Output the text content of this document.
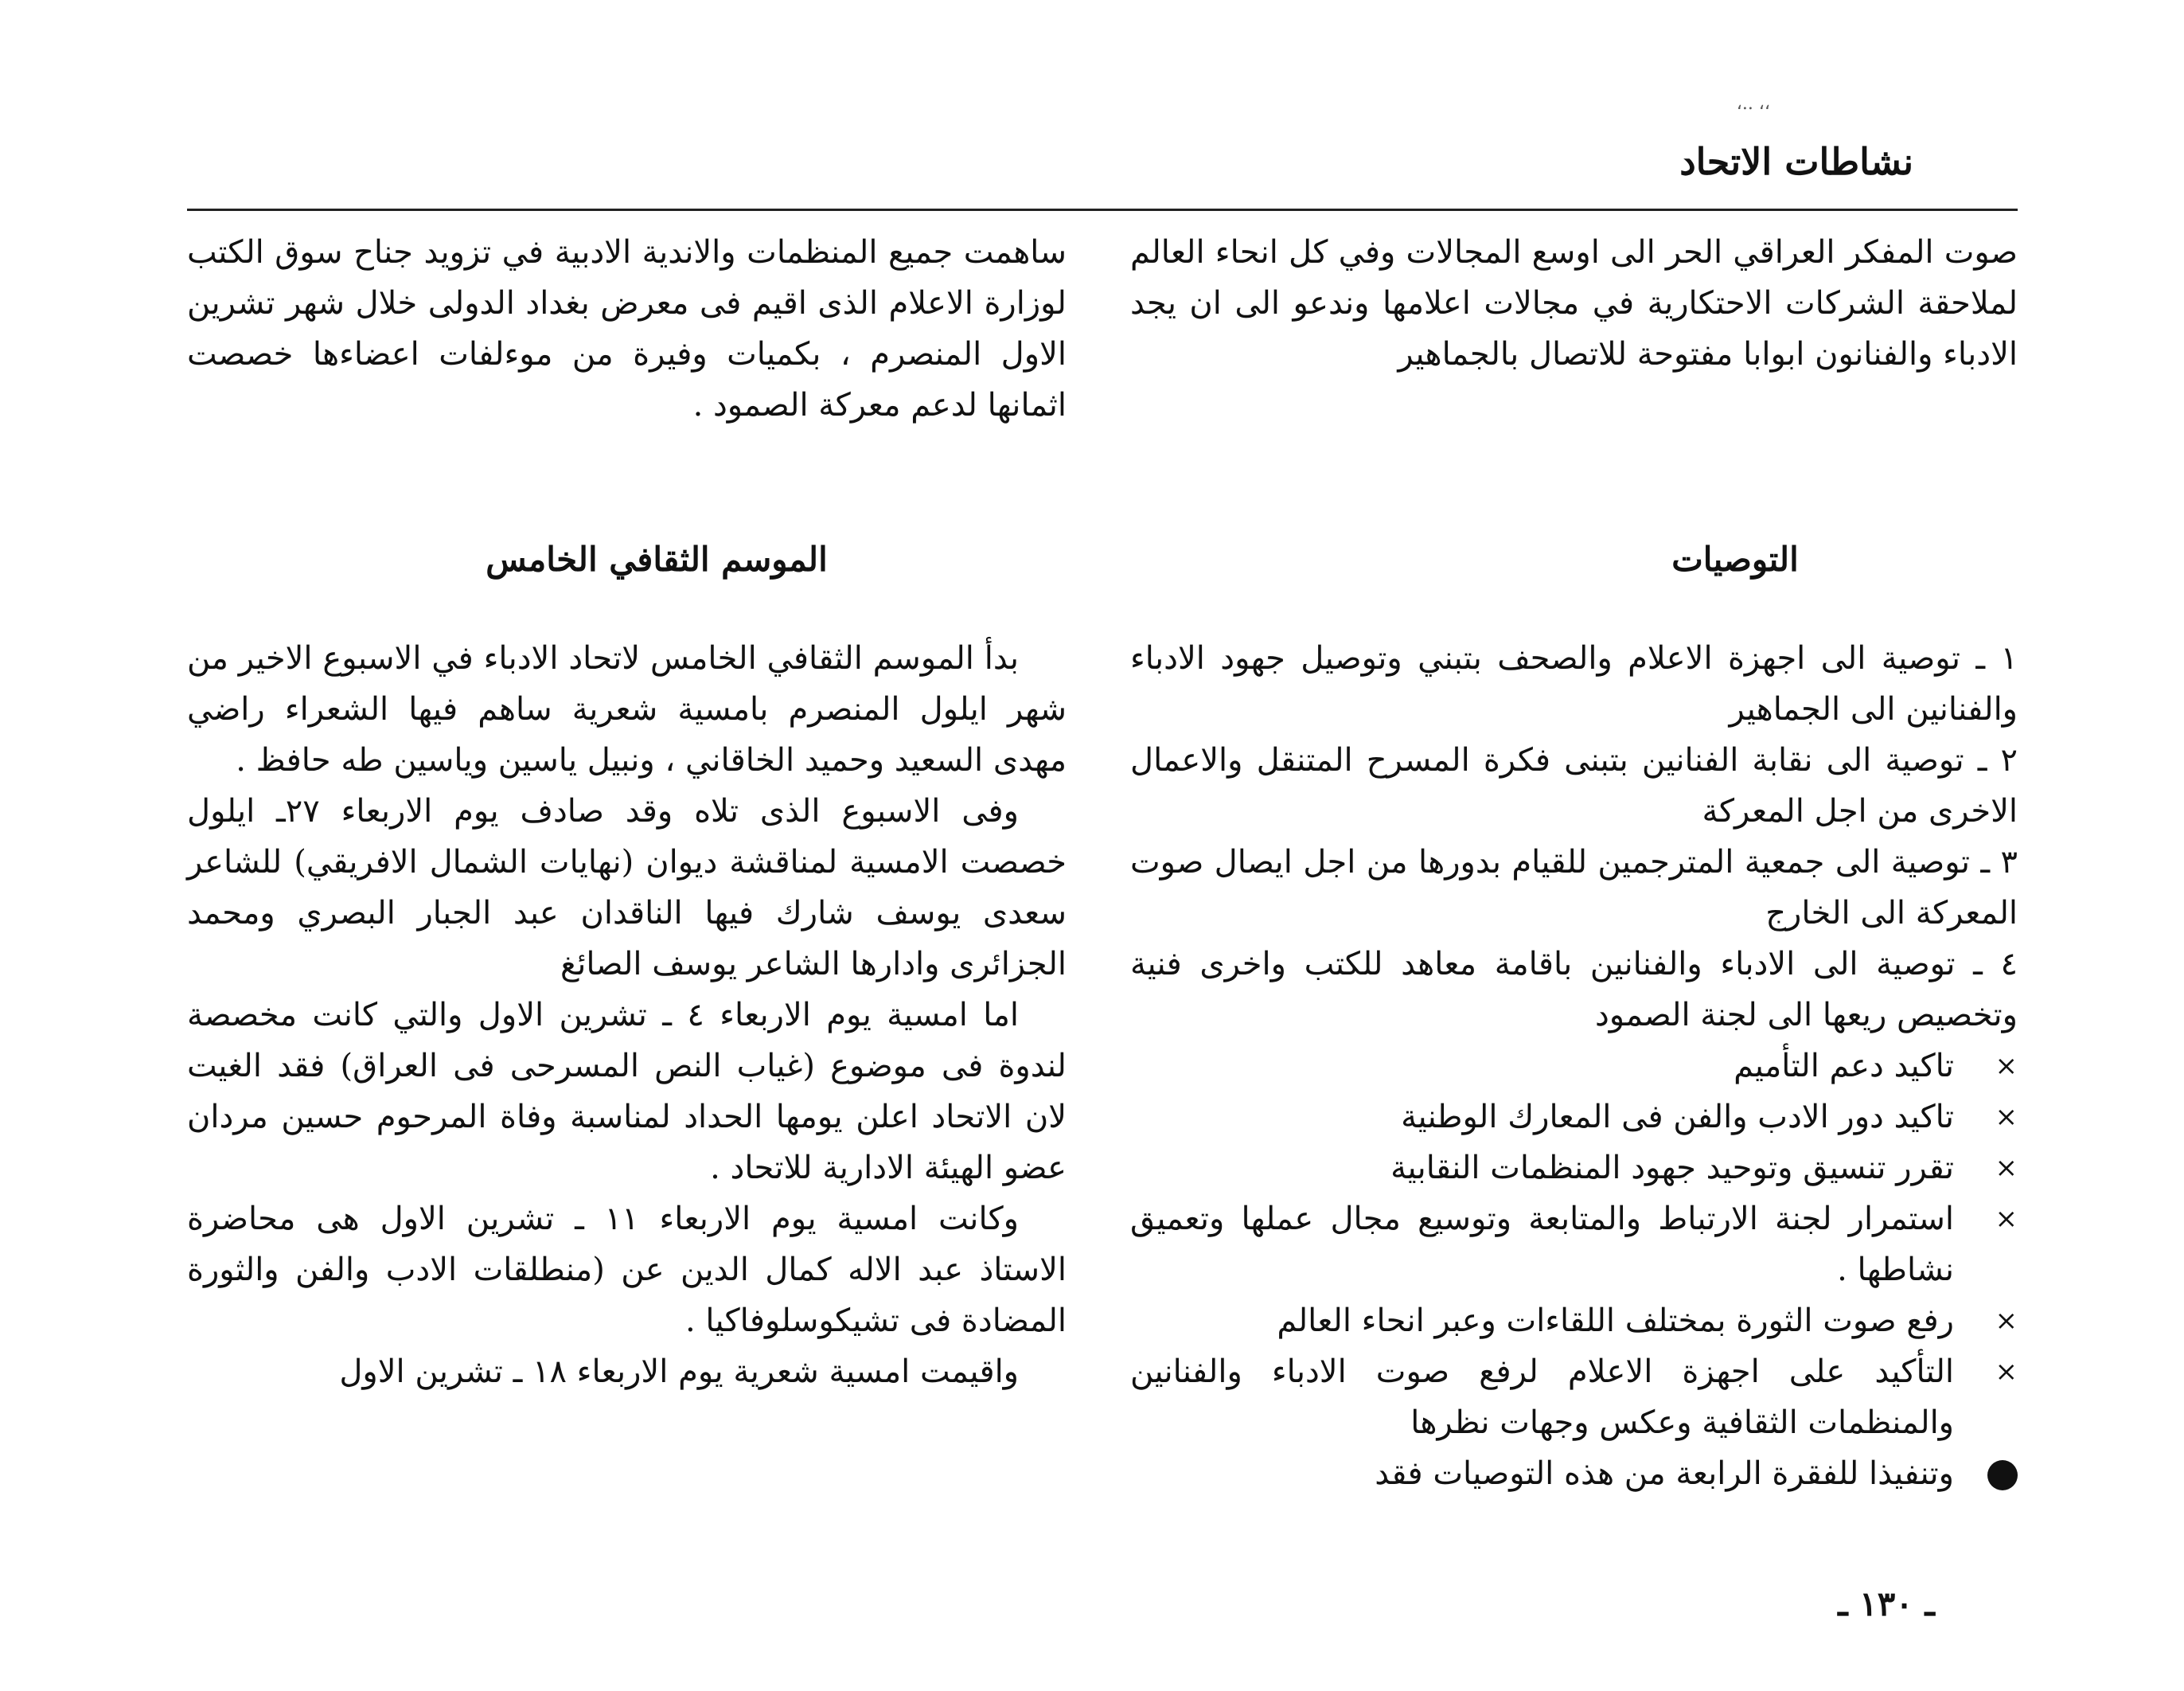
،، ..،
نشاطات الاتحاد

صوت المفكر العراقي الحر الى اوسع المجالات وفي كل انحاء العالم لملاحقة الشركات الاحتكارية في مجالات اعلامها وندعو الى ان يجد الادباء والفنانون ابوابا مفتوحة للاتصال بالجماهير

التوصيات

١ ـ توصية الى اجهزة الاعلام والصحف بتبني وتوصيل جهود الادباء والفنانين الى الجماهير

٢ ـ توصية الى نقابة الفنانين بتبنى فكرة المسرح المتنقل والاعمال الاخرى من اجل المعركة

٣ ـ توصية الى جمعية المترجمين للقيام بدورها من اجل ايصال صوت المعركة الى الخارج

٤ ـ توصية الى الادباء والفنانين باقامة معاهد للكتب واخرى فنية وتخصيص ريعها الى لجنة الصمود

×
تاكيد دعم التأميم
×
تاكيد دور الادب والفن فى المعارك الوطنية
×
تقرر تنسيق وتوحيد جهود المنظمات النقابية
×
استمرار لجنة الارتباط والمتابعة وتوسيع مجال عملها وتعميق نشاطها .
×
رفع صوت الثورة بمختلف اللقاءات وعبر انحاء العالم
×
التأكيد على اجهزة الاعلام لرفع صوت الادباء والفنانين والمنظمات الثقافية وعكس وجهات نظرها
وتنفيذا للفقرة الرابعة من هذه التوصيات فقد

ساهمت جميع المنظمات والاندية الادبية في تزويد جناح سوق الكتب لوزارة الاعلام الذى اقيم فى معرض بغداد الدولى خلال شهر تشرين الاول المنصرم ، بكميات وفيرة من موءلفات اعضاءها خصصت اثمانها لدعم معركة الصمود .

الموسم الثقافي الخامس

بدأ الموسم الثقافي الخامس لاتحاد الادباء في الاسبوع الاخير من شهر ايلول المنصرم بامسية شعرية ساهم فيها الشعراء راضي مهدى السعيد وحميد الخاقاني ، ونبيل ياسين وياسين طه حافظ .

وفى الاسبوع الذى تلاه وقد صادف يوم الاربعاء ٢٧ـ ايلول خصصت الامسية لمناقشة ديوان (نهايات الشمال الافريقي) للشاعر سعدى يوسف شارك فيها الناقدان عبد الجبار البصري ومحمد الجزائرى وادارها الشاعر يوسف الصائغ

اما امسية يوم الاربعاء ٤ ـ تشرين الاول والتي كانت مخصصة لندوة فى موضوع (غياب النص المسرحى فى العراق) فقد الغيت لان الاتحاد اعلن يومها الحداد لمناسبة وفاة المرحوم حسين مردان عضو الهيئة الادارية للاتحاد .

وكانت امسية يوم الاربعاء ١١ ـ تشرين الاول هى محاضرة الاستاذ عبد الاله كمال الدين عن (منطلقات الادب والفن والثورة المضادة فى تشيكوسلوفاكيا .

واقيمت امسية شعرية يوم الاربعاء ١٨ ـ تشرين الاول

ـ ١٣٠ ـ
